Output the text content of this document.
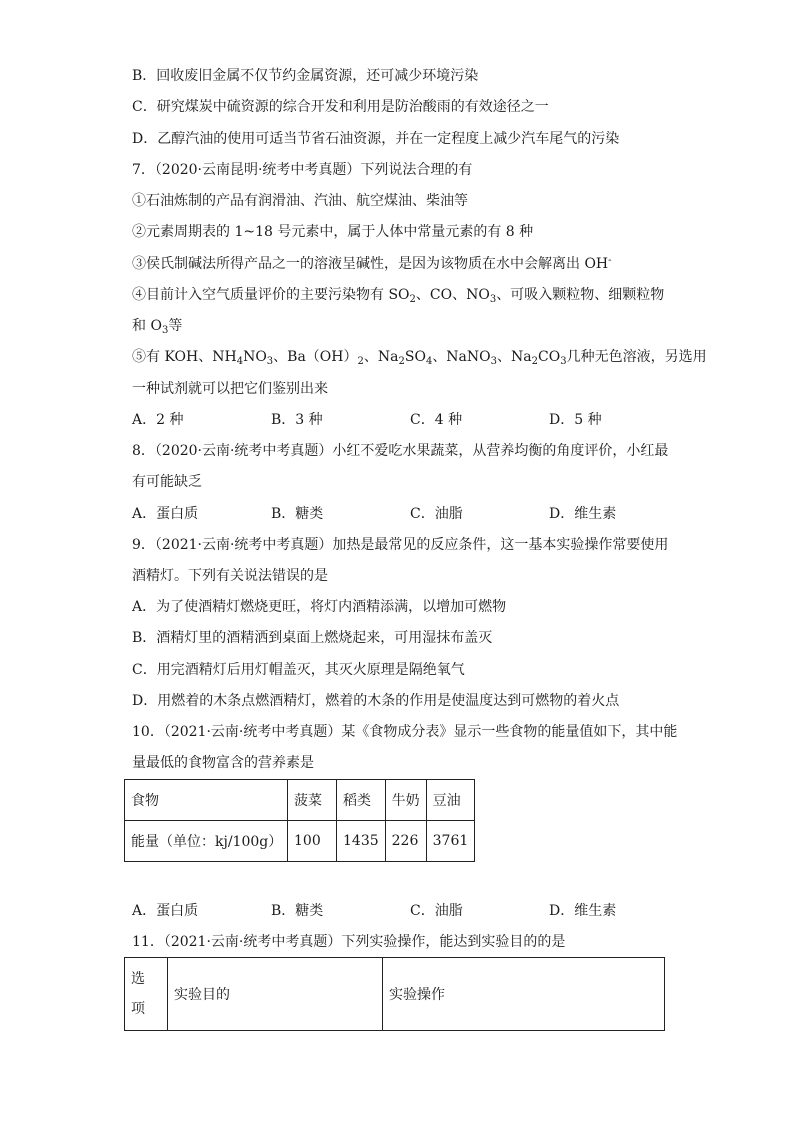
B．回收废旧金属不仅节约金属资源，还可减少环境污染
C．研究煤炭中硫资源的综合开发和利用是防治酸雨的有效途径之一
D．乙醇汽油的使用可适当节省石油资源，并在一定程度上减少汽车尾气的污染
7．（2020·云南昆明·统考中考真题）下列说法合理的有
①石油炼制的产品有润滑油、汽油、航空煤油、柴油等
②元素周期表的 1~18 号元素中，属于人体中常量元素的有 8 种
③侯氏制碱法所得产品之一的溶液呈碱性，是因为该物质在水中会解离出 OH-
④目前计入空气质量评价的主要污染物有 $SO_2$、CO、$NO_3$、可吸入颗粒物、细颗粒物
和 $O_3$等
⑤有 KOH、$NH_4NO_3$、$Ba(OH)_2$、$Na_2SO_4$、NaNO$_3$、$Na_2CO_3$几种无色溶液，另选用
一种试剂就可以把它们鉴别出来
A．2 种	B．3 种	C．4 种	D．5 种
8．（2020·云南·统考中考真题）小红不爱吃水果蔬菜，从营养均衡的角度评价，小红最
有可能缺乏
A．蛋白质	B．糖类	C．油脂	D．维生素
9．（2021·云南·统考中考真题）加热是最常见的反应条件，这一基本实验操作常要使用
酒精灯。下列有关说法错误的是
A．为了使酒精灯燃烧更旺，将灯内酒精添满，以增加可燃物
B．酒精灯里的酒精洒到桌面上燃烧起来，可用湿抹布盖灭
C．用完酒精灯后用灯帽盖灭，其灭火原理是隔绝氧气
D．用燃着的木条点燃酒精灯，燃着的木条的作用是使温度达到可燃物的着火点
10．（2021·云南·统考中考真题）某《食物成分表》显示一些食物的能量值如下，其中能
量最低的食物富含的营养素是
食物	菠菜	稻类	牛奶	豆油
能量（单位：kj/100g）	100	1435	226	3761
A．蛋白质	B．糖类	C．油脂	D．维生素
11．（2021·云南·统考中考真题）下列实验操作，能达到实验目的的是
选
项	实验目的	实验操作
